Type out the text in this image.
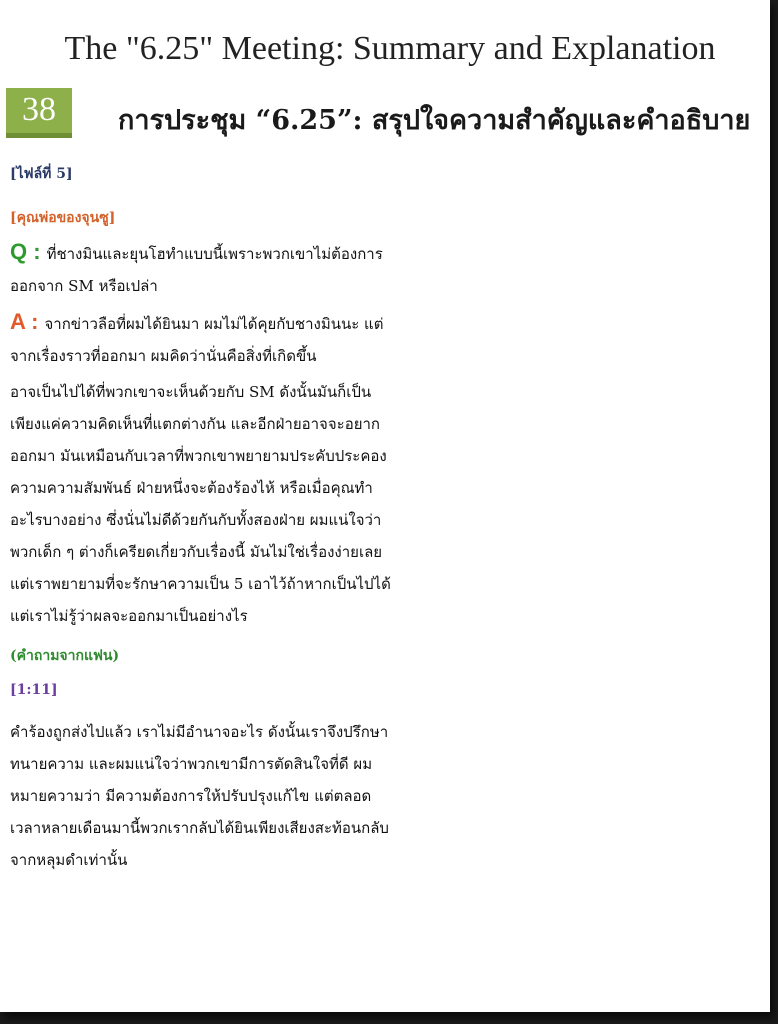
The "6.25" Meeting: Summary and Explanation
38	การประชุม “6.25”: สรุปใจความสำคัญและคำอธิบาย

[ไฟล์ที่ 5]

[คุณพ่อของจุนซู]

Q : ที่ชางมินและยุนโฮทำแบบนี้เพราะพวกเขาไม่ต้องการออกจาก SM หรือเปล่า

A : จากข่าวลือที่ผมได้ยินมา ผมไม่ได้คุยกับชางมินนะ แต่จากเรื่องราวที่ออกมา ผมคิดว่านั่นคือสิ่งที่เกิดขึ้น

อาจเป็นไปได้ที่พวกเขาจะเห็นด้วยกับ SM ดังนั้นมันก็เป็นเพียงแค่ความคิดเห็นที่แตกต่างกัน และอีกฝ่ายอาจจะอยากออกมา มันเหมือนกับเวลาที่พวกเขาพยายามประคับประคองความความสัมพันธ์ ฝ่ายหนึ่งจะต้องร้องไห้ หรือเมื่อคุณทำอะไรบางอย่าง ซึ่งนั่นไม่ดีด้วยกันกับทั้งสองฝ่าย ผมแน่ใจว่าพวกเด็ก ๆ ต่างก็เครียดเกี่ยวกับเรื่องนี้ มันไม่ใช่เรื่องง่ายเลย แต่เราพยายามที่จะรักษาความเป็น 5 เอาไว้ถ้าหากเป็นไปได้ แต่เราไม่รู้ว่าผลจะออกมาเป็นอย่างไร

(คำถามจากแฟน)

[1:11]

คำร้องถูกส่งไปแล้ว เราไม่มีอำนาจอะไร ดังนั้นเราจึงปรึกษาทนายความ และผมแน่ใจว่าพวกเขามีการตัดสินใจที่ดี ผมหมายความว่า มีความต้องการให้ปรับปรุงแก้ไข แต่ตลอดเวลาหลายเดือนมานี้พวกเรากลับได้ยินเพียงเสียงสะท้อนกลับจากหลุมดำเท่านั้น
